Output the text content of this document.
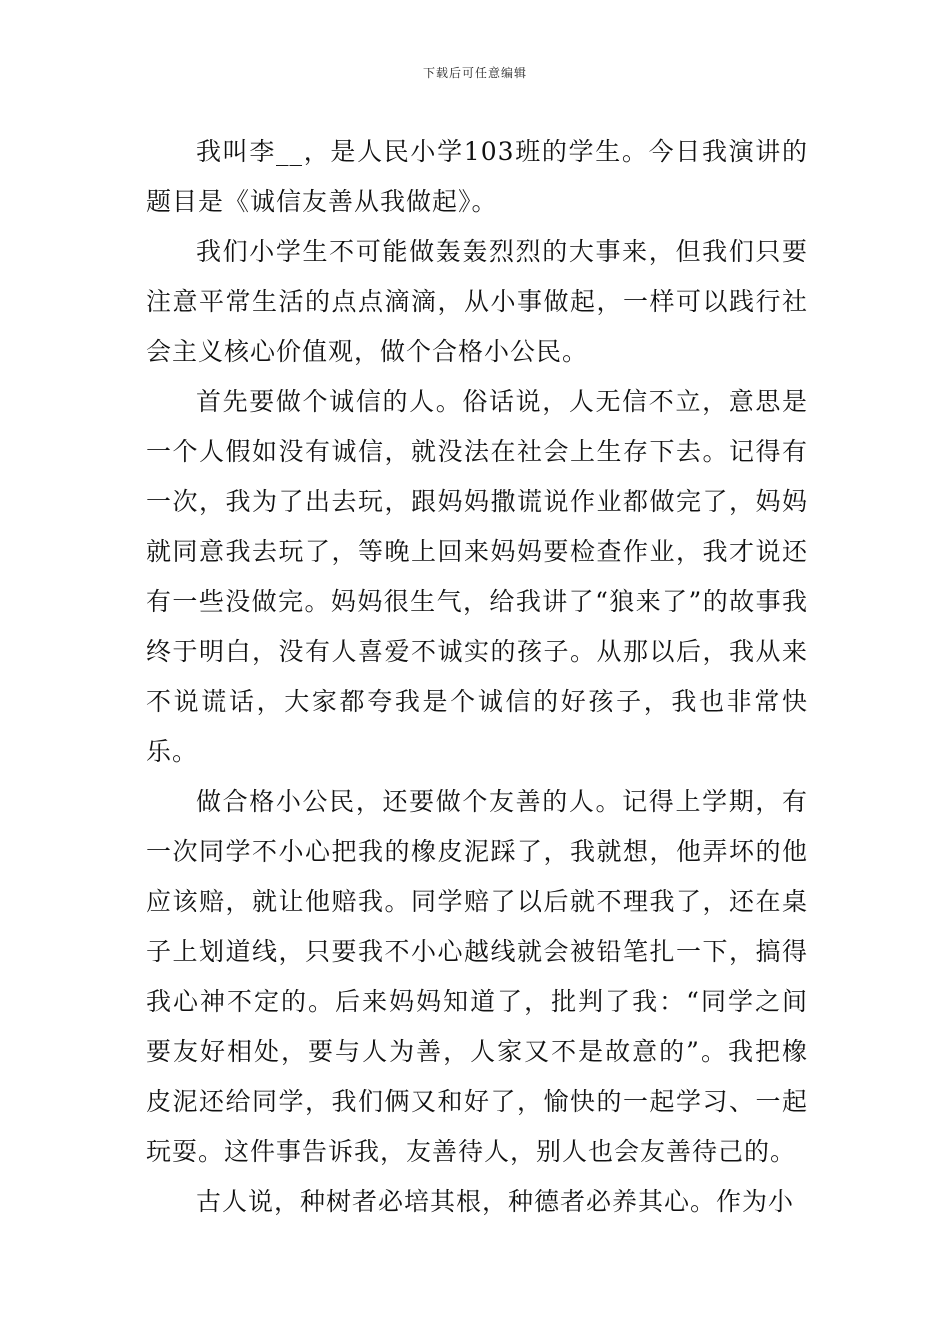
下载后可任意编辑

我叫李__，是人民小学103班的学生。今日我演讲的题目是《诚信友善从我做起》。

我们小学生不可能做轰轰烈烈的大事来，但我们只要注意平常生活的点点滴滴，从小事做起，一样可以践行社会主义核心价值观，做个合格小公民。

首先要做个诚信的人。俗话说，人无信不立，意思是一个人假如没有诚信，就没法在社会上生存下去。记得有一次，我为了出去玩，跟妈妈撒谎说作业都做完了，妈妈就同意我去玩了，等晚上回来妈妈要检查作业，我才说还有一些没做完。妈妈很生气，给我讲了“狼来了”的故事我终于明白，没有人喜爱不诚实的孩子。从那以后，我从来不说谎话，大家都夸我是个诚信的好孩子，我也非常快乐。

做合格小公民，还要做个友善的人。记得上学期，有一次同学不小心把我的橡皮泥踩了，我就想，他弄坏的他应该赔，就让他赔我。同学赔了以后就不理我了，还在桌子上划道线，只要我不小心越线就会被铅笔扎一下，搞得我心神不定的。后来妈妈知道了，批判了我：“同学之间要友好相处，要与人为善，人家又不是故意的”。我把橡皮泥还给同学，我们俩又和好了，愉快的一起学习、一起玩耍。这件事告诉我，友善待人，别人也会友善待己的。

古人说，种树者必培其根，种德者必养其心。作为小
